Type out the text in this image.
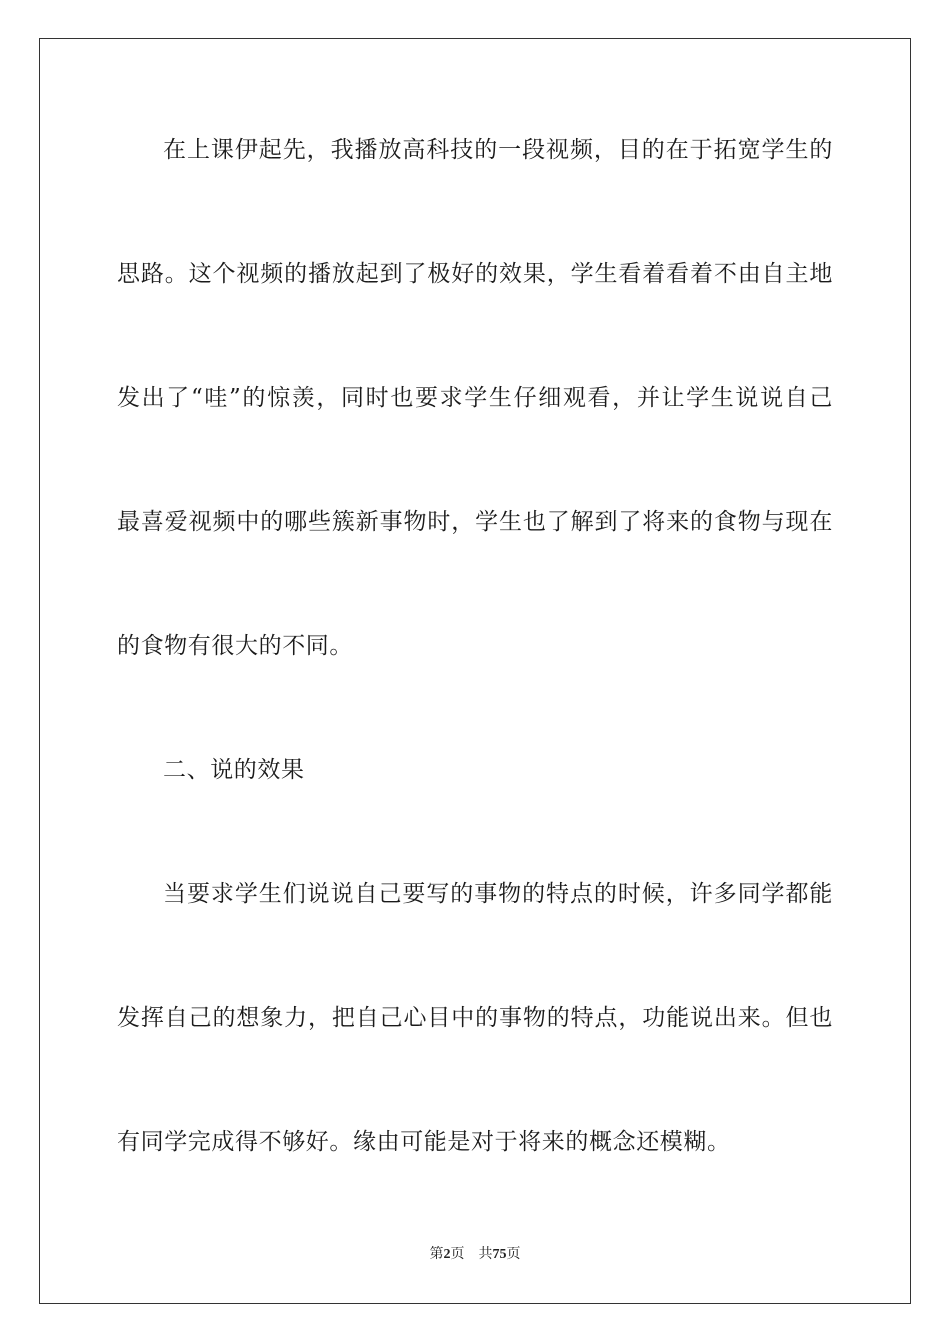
在上课伊起先，我播放高科技的一段视频，目的在于拓宽学生的
思路。这个视频的播放起到了极好的效果，学生看着看着不由自主地
发出了“哇”的惊羡，同时也要求学生仔细观看，并让学生说说自己
最喜爱视频中的哪些簇新事物时，学生也了解到了将来的食物与现在
的食物有很大的不同。
二、说的效果
当要求学生们说说自己要写的事物的特点的时候，许多同学都能
发挥自己的想象力，把自己心目中的事物的特点，功能说出来。但也
有同学完成得不够好。缘由可能是对于将来的概念还模糊。
第2页 共75页
